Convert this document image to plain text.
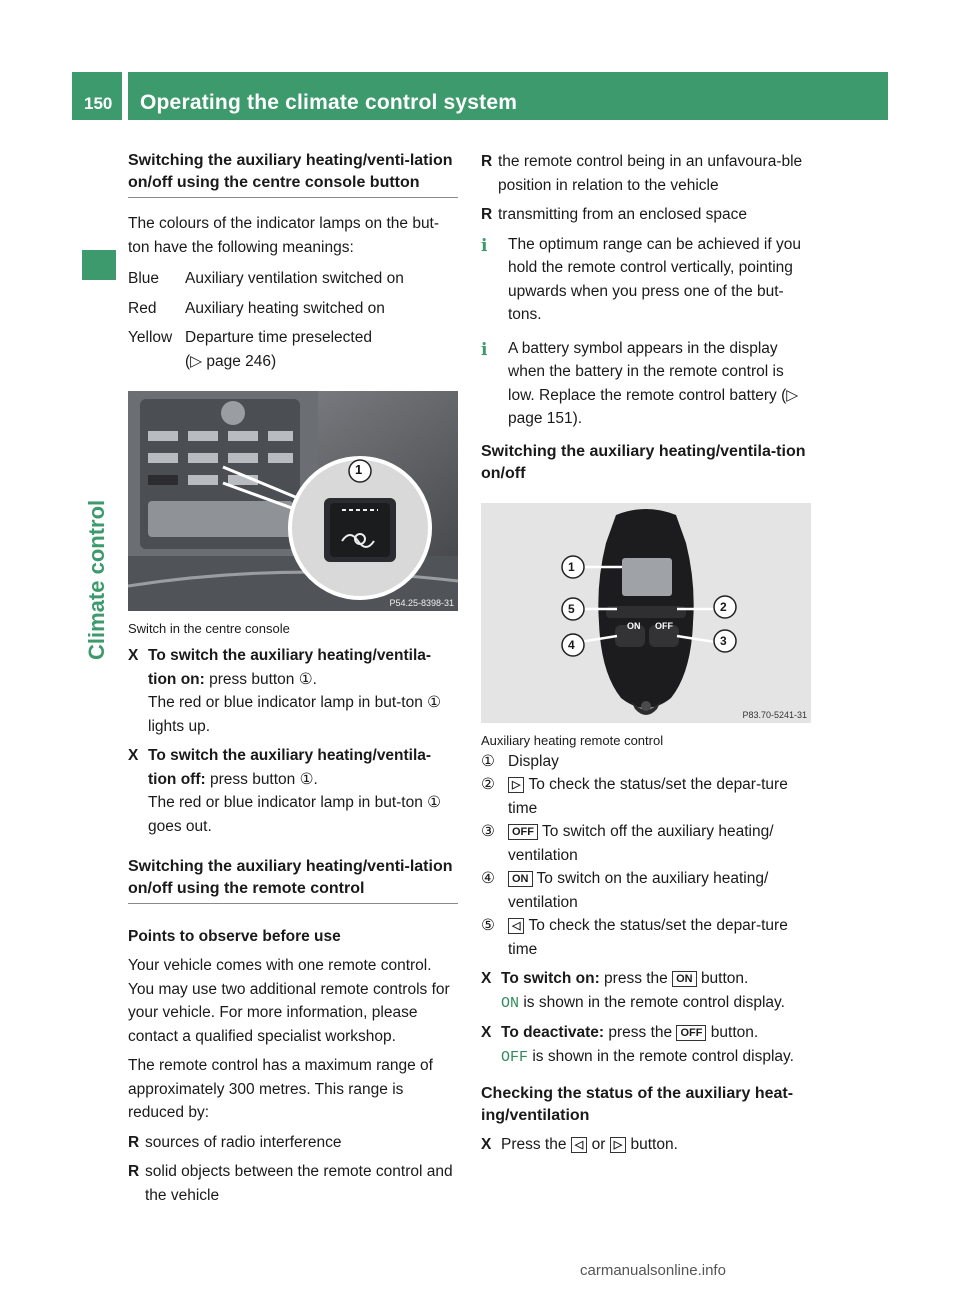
150 Operating the climate control system
Climate control

Switching the auxiliary heating/venti-lation on/off using the centre console button

The colours of the indicator lamps on the but-ton have the following meanings:

Blue	Auxiliary ventilation switched on
Red	Auxiliary heating switched on
Yellow	Departure time preselected
(▷ page 246)
1
P54.25-8398-31

Switch in the centre console

X To switch the auxiliary heating/ventila-tion on: press button ①.
The red or blue indicator lamp in but-ton ① lights up.
X To switch the auxiliary heating/ventila-tion off: press button ①.
The red or blue indicator lamp in but-ton ① goes out.

Switching the auxiliary heating/venti-lation on/off using the remote control

Points to observe before use

Your vehicle comes with one remote control. You may use two additional remote controls for your vehicle. For more information, please contact a qualified specialist workshop.

The remote control has a maximum range of approximately 300 metres. This range is reduced by:

R sources of radio interference
R solid objects between the remote control and the vehicle
R the remote control being in an unfavoura-ble position in relation to the vehicle
R transmitting from an enclosed space
i The optimum range can be achieved if you hold the remote control vertically, pointing upwards when you press one of the but-tons.
i A battery symbol appears in the display when the battery in the remote control is low. Replace the remote control battery (▷ page 151).

Switching the auxiliary heating/ventila-tion on/off

ON OFF
1
2
3
4
5
P83.70-5241-31

Auxiliary heating remote control

① Display
② ▷ To check the status/set the depar-ture time
③ OFF To switch off the auxiliary heating/ ventilation
④ ON To switch on the auxiliary heating/ ventilation
⑤ ◁ To check the status/set the depar-ture time
X To switch on: press the ON button.
ON is shown in the remote control display.
X To deactivate: press the OFF button.
OFF is shown in the remote control display.

Checking the status of the auxiliary heat-ing/ventilation

X Press the ◁ or ▷ button.
carmanualsonline.info
